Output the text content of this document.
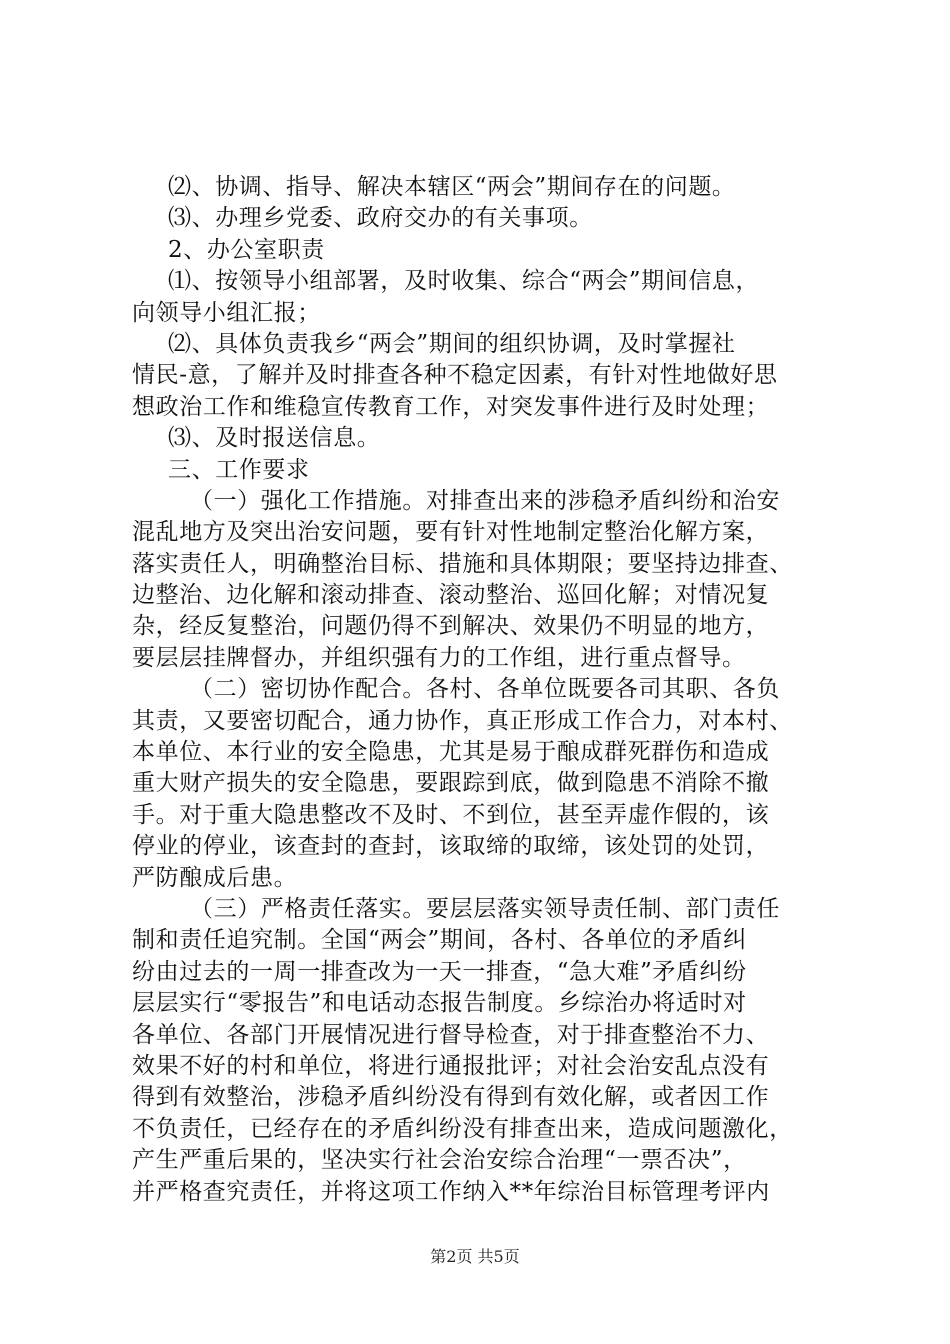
⑵、协调、指导、解决本辖区“两会”期间存在的问题。
⑶、办理乡党委、政府交办的有关事项。
2、办公室职责
⑴、按领导小组部署，及时收集、综合“两会”期间信息，
向领导小组汇报；
⑵、具体负责我乡“两会”期间的组织协调，及时掌握社
情民-意，了解并及时排查各种不稳定因素，有针对性地做好思
想政治工作和维稳宣传教育工作，对突发事件进行及时处理；
⑶、及时报送信息。
三、工作要求
（一）强化工作措施。对排查出来的涉稳矛盾纠纷和治安
混乱地方及突出治安问题，要有针对性地制定整治化解方案，
落实责任人，明确整治目标、措施和具体期限；要坚持边排查、
边整治、边化解和滚动排查、滚动整治、巡回化解；对情况复
杂，经反复整治，问题仍得不到解决、效果仍不明显的地方，
要层层挂牌督办，并组织强有力的工作组，进行重点督导。
（二）密切协作配合。各村、各单位既要各司其职、各负
其责，又要密切配合，通力协作，真正形成工作合力，对本村、
本单位、本行业的安全隐患，尤其是易于酿成群死群伤和造成
重大财产损失的安全隐患，要跟踪到底，做到隐患不消除不撤
手。对于重大隐患整改不及时、不到位，甚至弄虚作假的，该
停业的停业，该查封的查封，该取缔的取缔，该处罚的处罚，
严防酿成后患。
（三）严格责任落实。要层层落实领导责任制、部门责任
制和责任追究制。全国“两会”期间，各村、各单位的矛盾纠
纷由过去的一周一排查改为一天一排查，“急大难”矛盾纠纷
层层实行“零报告”和电话动态报告制度。乡综治办将适时对
各单位、各部门开展情况进行督导检查，对于排查整治不力、
效果不好的村和单位，将进行通报批评；对社会治安乱点没有
得到有效整治，涉稳矛盾纠纷没有得到有效化解，或者因工作
不负责任，已经存在的矛盾纠纷没有排查出来，造成问题激化，
产生严重后果的，坚决实行社会治安综合治理“一票否决”，
并严格查究责任，并将这项工作纳入**年综治目标管理考评内
第2页 共5页
